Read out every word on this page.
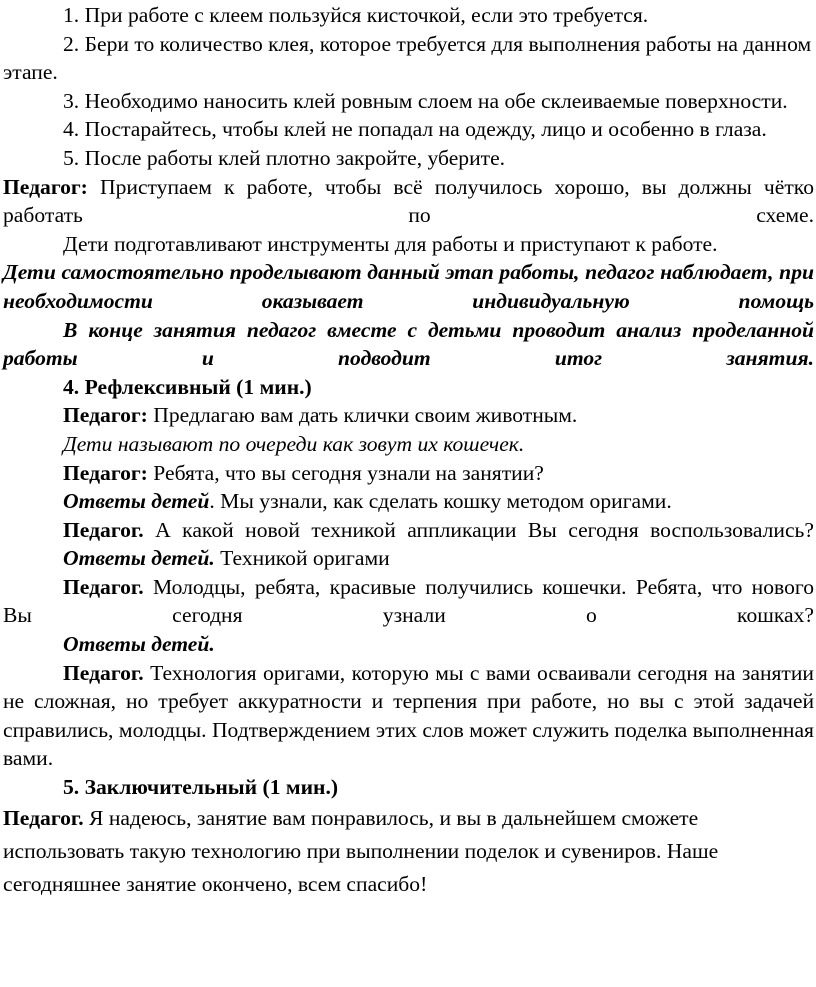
1. При работе с клеем пользуйся кисточкой, если это требуется.

2. Бери то количество клея, которое требуется для выполнения работы на данном этапе.

3. Необходимо наносить клей ровным слоем на обе склеиваемые поверхности.

4. Постарайтесь, чтобы клей не попадал на одежду, лицо и особенно в глаза.

5. После работы клей плотно закройте, уберите.

Педагог: Приступаем к работе, чтобы всё получилось хорошо, вы должны чётко работать по схеме.

Дети подготавливают инструменты для работы и приступают к работе.

Дети самостоятельно проделывают данный этап работы, педагог наблюдает, при необходимости оказывает индивидуальную помощь

В конце занятия педагог вместе с детьми проводит анализ проделанной работы и подводит итог занятия.

4. Рефлексивный (1 мин.)

Педагог: Предлагаю вам дать клички своим животным.

Дети называют по очереди как зовут их кошечек.

Педагог: Ребята, что вы сегодня узнали на занятии?

Ответы детей. Мы узнали, как сделать кошку методом оригами.

Педагог. А какой новой техникой аппликации Вы сегодня воспользовались?

Ответы детей. Техникой оригами

Педагог. Молодцы, ребята, красивые получились кошечки. Ребята, что нового Вы сегодня узнали о кошках?

Ответы детей.

Педагог. Технология оригами, которую мы с вами осваивали сегодня на занятии не сложная, но требует аккуратности и терпения при работе, но вы с этой задачей справились, молодцы. Подтверждением этих слов может служить поделка выполненная вами.

5. Заключительный (1 мин.)

Педагог. Я надеюсь, занятие вам понравилось, и вы в дальнейшем сможете использовать такую технологию при выполнении поделок и сувениров. Наше сегодняшнее занятие окончено, всем спасибо!
